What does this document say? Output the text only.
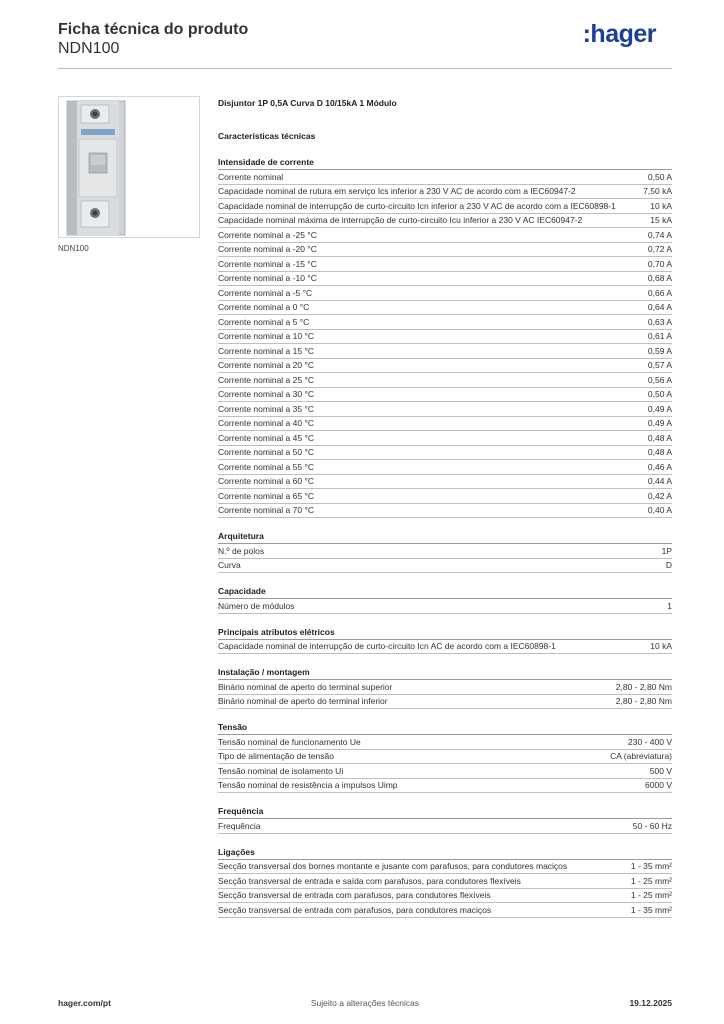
Ficha técnica do produto
NDN100
:hager
NDN100
Disjuntor 1P 0,5A Curva D 10/15kA 1 Módulo
Características técnicas
Intensidade de corrente
Corrente nominal	0,50 A
Capacidade nominal de rutura em serviço Ics inferior a 230 V AC de acordo com a IEC60947-2	7,50 kA
Capacidade nominal de interrupção de curto-circuito Icn inferior a 230 V AC de acordo com a IEC60898-1	10 kA
Capacidade nominal máxima de interrupção de curto-circuito Icu inferior a 230 V AC IEC60947-2	15 kA
Corrente nominal a -25 °C	0,74 A
Corrente nominal a -20 °C	0,72 A
Corrente nominal a -15 °C	0,70 A
Corrente nominal a -10 °C	0,68 A
Corrente nominal a -5 °C	0,66 A
Corrente nominal a 0 °C	0,64 A
Corrente nominal a 5 °C	0,63 A
Corrente nominal a 10 °C	0,61 A
Corrente nominal a 15 °C	0,59 A
Corrente nominal a 20 °C	0,57 A
Corrente nominal a 25 °C	0,56 A
Corrente nominal a 30 °C	0,50 A
Corrente nominal a 35 °C	0,49 A
Corrente nominal a 40 °C	0,49 A
Corrente nominal a 45 °C	0,48 A
Corrente nominal a 50 °C	0,48 A
Corrente nominal a 55 °C	0,46 A
Corrente nominal a 60 °C	0,44 A
Corrente nominal a 65 °C	0,42 A
Corrente nominal a 70 °C	0,40 A
Arquitetura
N.º de polos	1P
Curva	D
Capacidade
Número de módulos	1
Principais atributos elétricos
Capacidade nominal de interrupção de curto-circuito Icn AC de acordo com a IEC60898-1	10 kA
Instalação / montagem
Binário nominal de aperto do terminal superior	2,80 - 2,80 Nm
Binário nominal de aperto do terminal inferior	2,80 - 2,80 Nm
Tensão
Tensão nominal de funcionamento Ue	230 - 400 V
Tipo de alimentação de tensão	CA (abreviatura)
Tensão nominal de isolamento Ui	500 V
Tensão nominal de resistência a impulsos Uimp	6000 V
Frequência
Frequência	50 - 60 Hz
Ligações
Secção transversal dos bornes montante e jusante com parafusos, para condutores maciços	1 - 35 mm²
Secção transversal de entrada e saída com parafusos, para condutores flexíveis	1 - 25 mm²
Secção transversal de entrada com parafusos, para condutores flexíveis	1 - 25 mm²
Secção transversal de entrada com parafusos, para condutores maciços	1 - 35 mm²
hager.com/pt	Sujeito a alterações técnicas	19.12.2025
